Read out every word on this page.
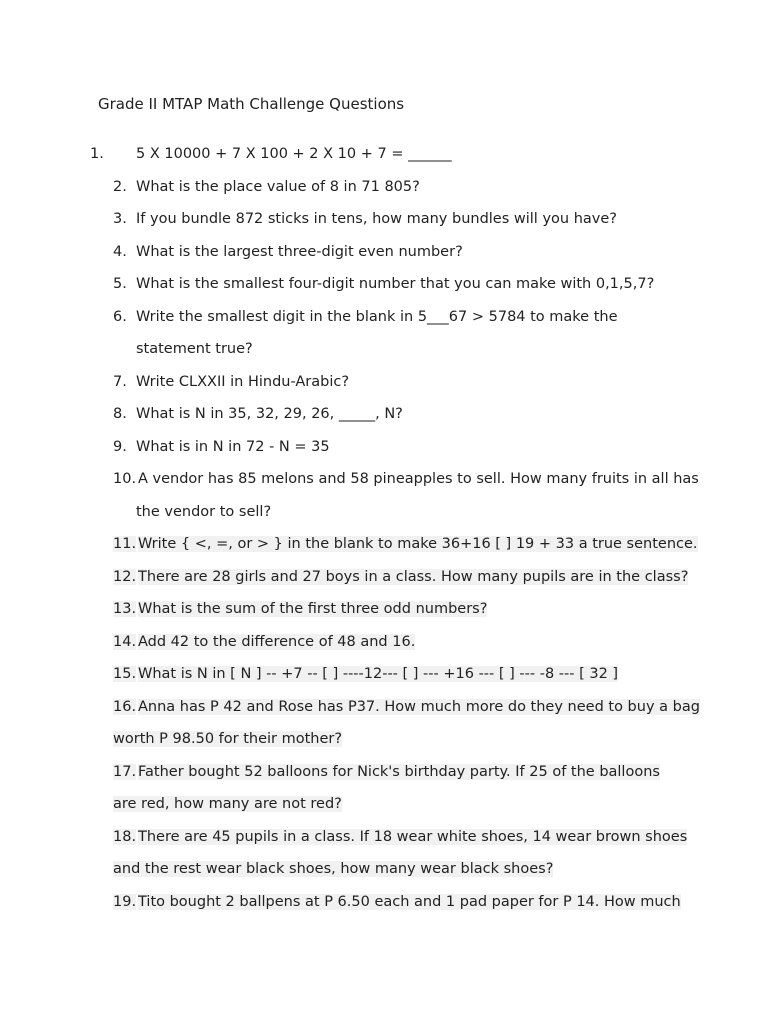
Grade II MTAP Math Challenge Questions
1. 5 X 10000 + 7 X 100 + 2 X 10 + 7 = ______
2. What is the place value of 8 in 71 805?
3. If you bundle 872 sticks in tens, how many bundles will you have?
4. What is the largest three-digit even number?
5. What is the smallest four-digit number that you can make with 0,1,5,7?
6. Write the smallest digit in the blank in 5___67 > 5784 to make the
statement true?
7. Write CLXXII in Hindu-Arabic?
8. What is N in 35, 32, 29, 26, _____, N?
9. What is in N in 72 - N = 35
10. A vendor has 85 melons and 58 pineapples to sell. How many fruits in all has
the vendor to sell?
11. Write { <, =, or > } in the blank to make 36+16 [ ] 19 + 33 a true sentence.
12. There are 28 girls and 27 boys in a class. How many pupils are in the class?
13. What is the sum of the first three odd numbers?
14. Add 42 to the difference of 48 and 16.
15. What is N in [ N ] -- +7 -- [ ] ----12--- [ ] --- +16 --- [ ] --- -8 --- [ 32 ]
16. Anna has P 42 and Rose has P37. How much more do they need to buy a bag
worth P 98.50 for their mother?
17. Father bought 52 balloons for Nick's birthday party. If 25 of the balloons
are red, how many are not red?
18. There are 45 pupils in a class. If 18 wear white shoes, 14 wear brown shoes
and the rest wear black shoes, how many wear black shoes?
19. Tito bought 2 ballpens at P 6.50 each and 1 pad paper for P 14. How much
